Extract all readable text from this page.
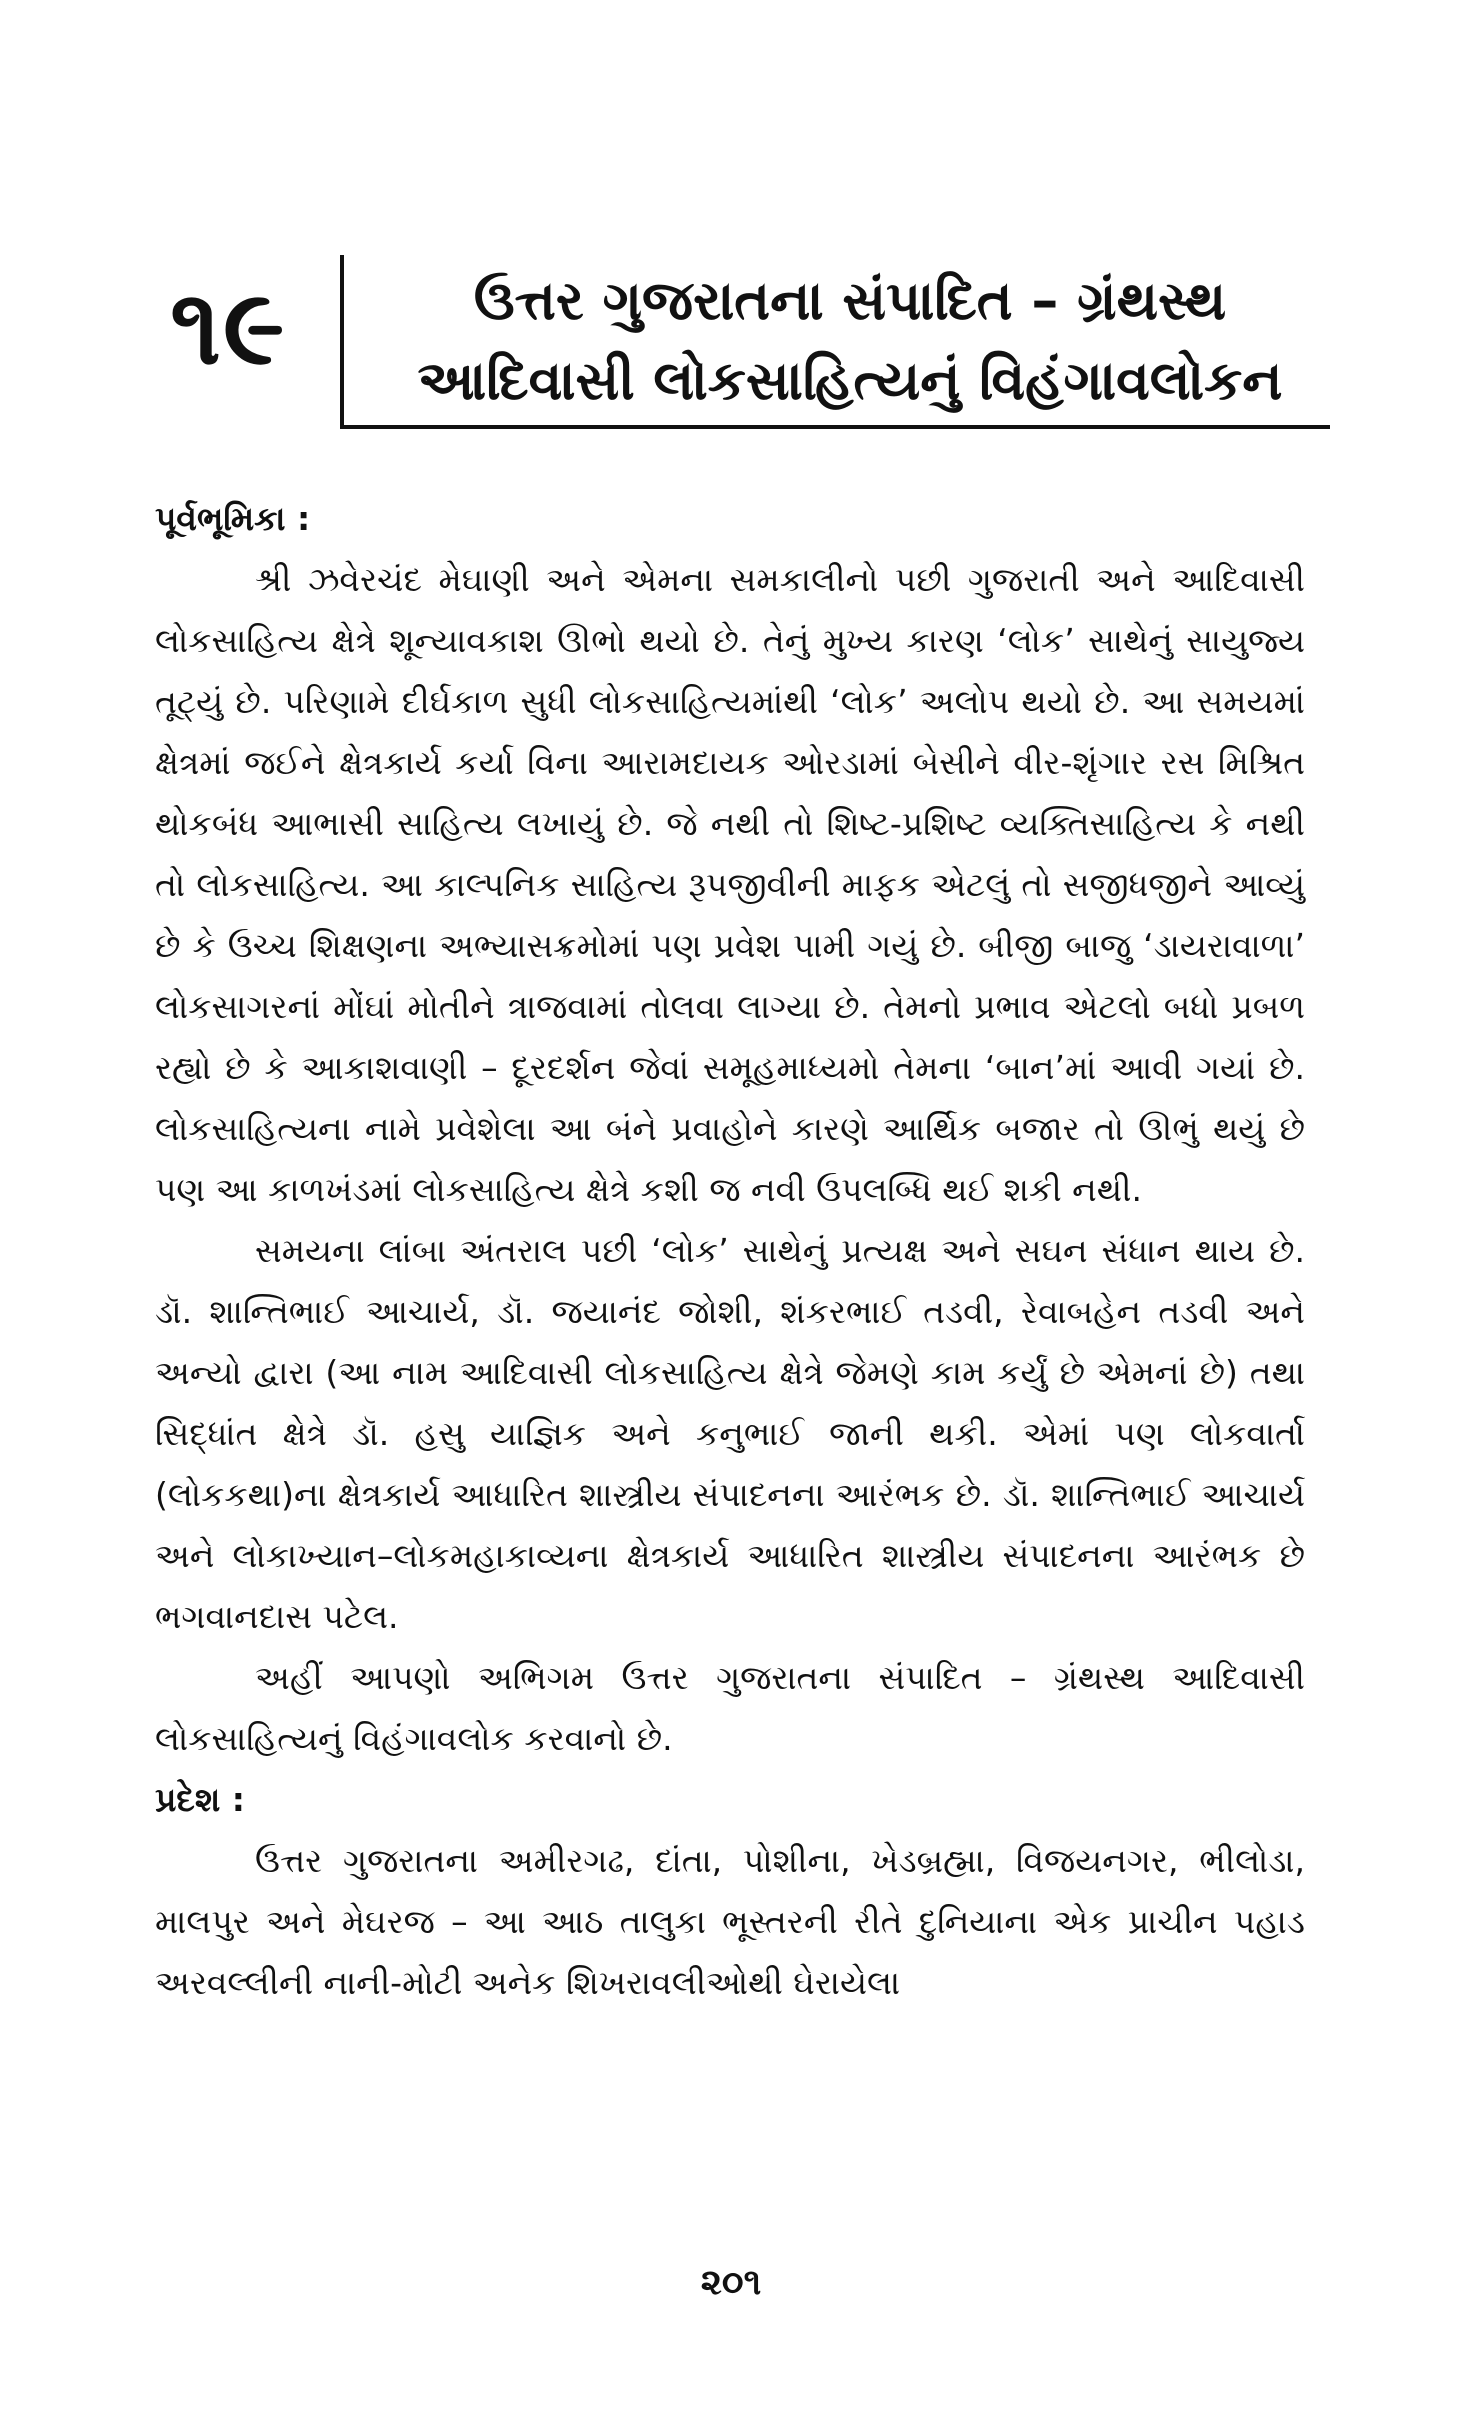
૧૯	ઉત્તર ગુજરાતના સંપાદિત – ગ્રંથસ્થ
આદિવાસી લોકસાહિત્યનું વિહંગાવલોકન

પૂર્વભૂમિકા :

શ્રી ઝવેરચંદ મેઘાણી અને એમના સમકાલીનો પછી ગુજરાતી અને આદિવાસી લોકસાહિત્ય ક્ષેત્રે શૂન્યાવકાશ ઊભો થયો છે. તેનું મુખ્ય કારણ ‘લોક’ સાથેનું સાયુજ્ય તૂટ્યું છે. પરિણામે દીર્ઘકાળ સુધી લોકસાહિત્યમાંથી ‘લોક’ અલોપ થયો છે. આ સમયમાં ક્ષેત્રમાં જઈને ક્ષેત્રકાર્ય કર્યા વિના આરામદાયક ઓરડામાં બેસીને વીર-શૃંગાર રસ મિશ્રિત થોકબંધ આભાસી સાહિત્ય લખાયું છે. જે નથી તો શિષ્ટ-પ્રશિષ્ટ વ્યક્તિસાહિત્ય કે નથી તો લોકસાહિત્ય. આ કાલ્પનિક સાહિત્ય રૂપજીવીની માફક એટલું તો સજીધજીને આવ્યું છે કે ઉચ્ચ શિક્ષણના અભ્યાસક્રમોમાં પણ પ્રવેશ પામી ગયું છે. બીજી બાજુ ‘ડાયરાવાળા’ લોકસાગરનાં મોંઘાં મોતીને ત્રાજવામાં તોલવા લાગ્યા છે. તેમનો પ્રભાવ એટલો બધો પ્રબળ રહ્યો છે કે આકાશવાણી – દૂરદર્શન જેવાં સમૂહમાધ્યમો તેમના ‘બાન’માં આવી ગયાં છે. લોકસાહિત્યના નામે પ્રવેશેલા આ બંને પ્રવાહોને કારણે આર્થિક બજાર તો ઊભું થયું છે પણ આ કાળખંડમાં લોકસાહિત્ય ક્ષેત્રે કશી જ નવી ઉપલબ્ધિ થઈ શકી નથી.

સમયના લાંબા અંતરાલ પછી ‘લોક’ સાથેનું પ્રત્યક્ષ અને સઘન સંધાન થાય છે. ડૉ. શાન્તિભાઈ આચાર્ય, ડૉ. જયાનંદ જોશી, શંકરભાઈ તડવી, રેવાબહેન તડવી અને અન્યો દ્વારા (આ નામ આદિવાસી લોકસાહિત્ય ક્ષેત્રે જેમણે કામ કર્યું છે એમનાં છે) તથા સિદ્ધાંત ક્ષેત્રે ડૉ. હસુ યાજ્ઞિક અને કનુભાઈ જાની થકી. એમાં પણ લોકવાર્તા (લોકકથા)ના ક્ષેત્રકાર્ય આધારિત શાસ્ત્રીય સંપાદનના આરંભક છે. ડૉ. શાન્તિભાઈ આચાર્ય અને લોકાખ્યાન–લોકમહાકાવ્યના ક્ષેત્રકાર્ય આધારિત શાસ્ત્રીય સંપાદનના આરંભક છે ભગવાનદાસ પટેલ.

અહીં આપણો અભિગમ ઉત્તર ગુજરાતના સંપાદિત – ગ્રંથસ્થ આદિવાસી લોકસાહિત્યનું વિહંગાવલોક કરવાનો છે.

પ્રદેશ :

ઉત્તર ગુજરાતના અમીરગઢ, દાંતા, પોશીના, ખેડબ્રહ્મા, વિજયનગર, ભીલોડા, માલપુર અને મેઘરજ – આ આઠ તાલુકા ભૂસ્તરની રીતે દુનિયાના એક પ્રાચીન પહાડ અરવલ્લીની નાની-મોટી અનેક શિખરાવલીઓથી ઘેરાયેલા

૨૦૧
